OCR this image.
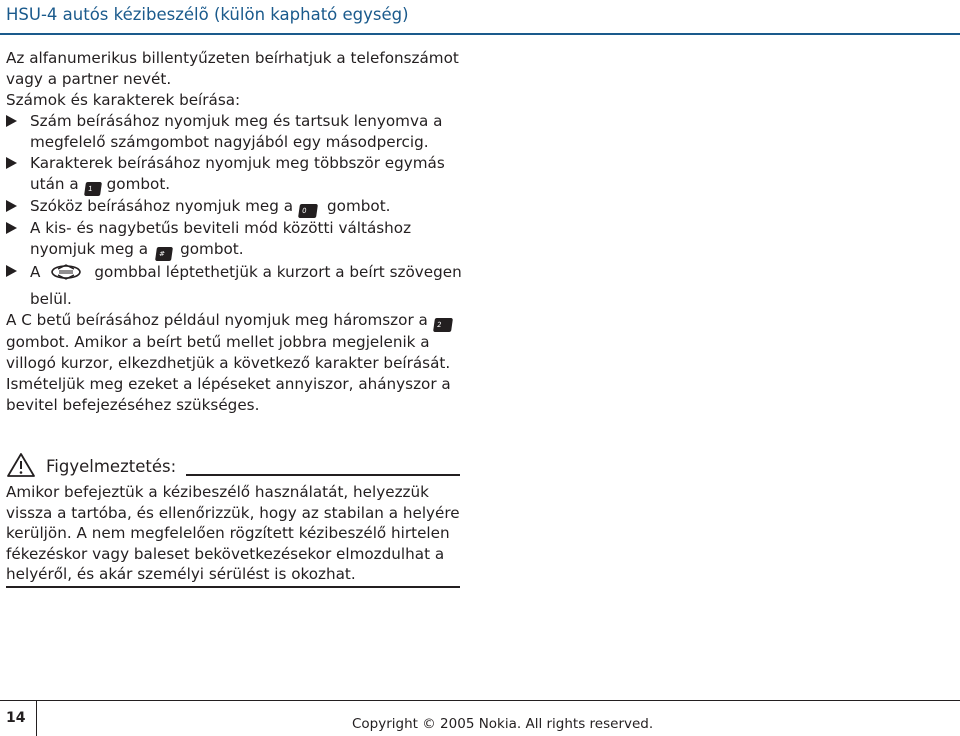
HSU-4 autós kézibeszélõ (külön kapható egység)

Az alfanumerikus billentyűzeten beírhatjuk a telefonszámot vagy a partner nevét.

Számok és karakterek beírása:

Szám beírásához nyomjuk meg és tartsuk lenyomva a megfelelő számgombot nagyjából egy másodpercig.

Karakterek beírásához nyomjuk meg többször egymás után a 1 gombot.

Szóköz beírásához nyomjuk meg a 0 gombot.

A kis- és nagybetűs beviteli mód közötti váltáshoz nyomjuk meg a # gombot.

A	gombbal léptethetjük a kurzort a beírt szövegen belül.

A C betű beírásához például nyomjuk meg háromszor a 2 gombot. Amikor a beírt betű mellet jobbra megjelenik a villogó kurzor, elkezdhetjük a következő karakter beírását. Ismételjük meg ezeket a lépéseket annyiszor, ahányszor a bevitel befejezéséhez szükséges.

Figyelmeztetés:
Amikor befejeztük a kézibeszélő használatát, helyezzük vissza a tartóba, és ellenőrizzük, hogy az stabilan a helyére kerüljön. A nem megfelelően rögzített kézibeszélő hirtelen fékezéskor vagy baleset bekövetkezésekor elmozdulhat a helyéről, és akár személyi sérülést is okozhat.
14	Copyright © 2005 Nokia. All rights reserved.
